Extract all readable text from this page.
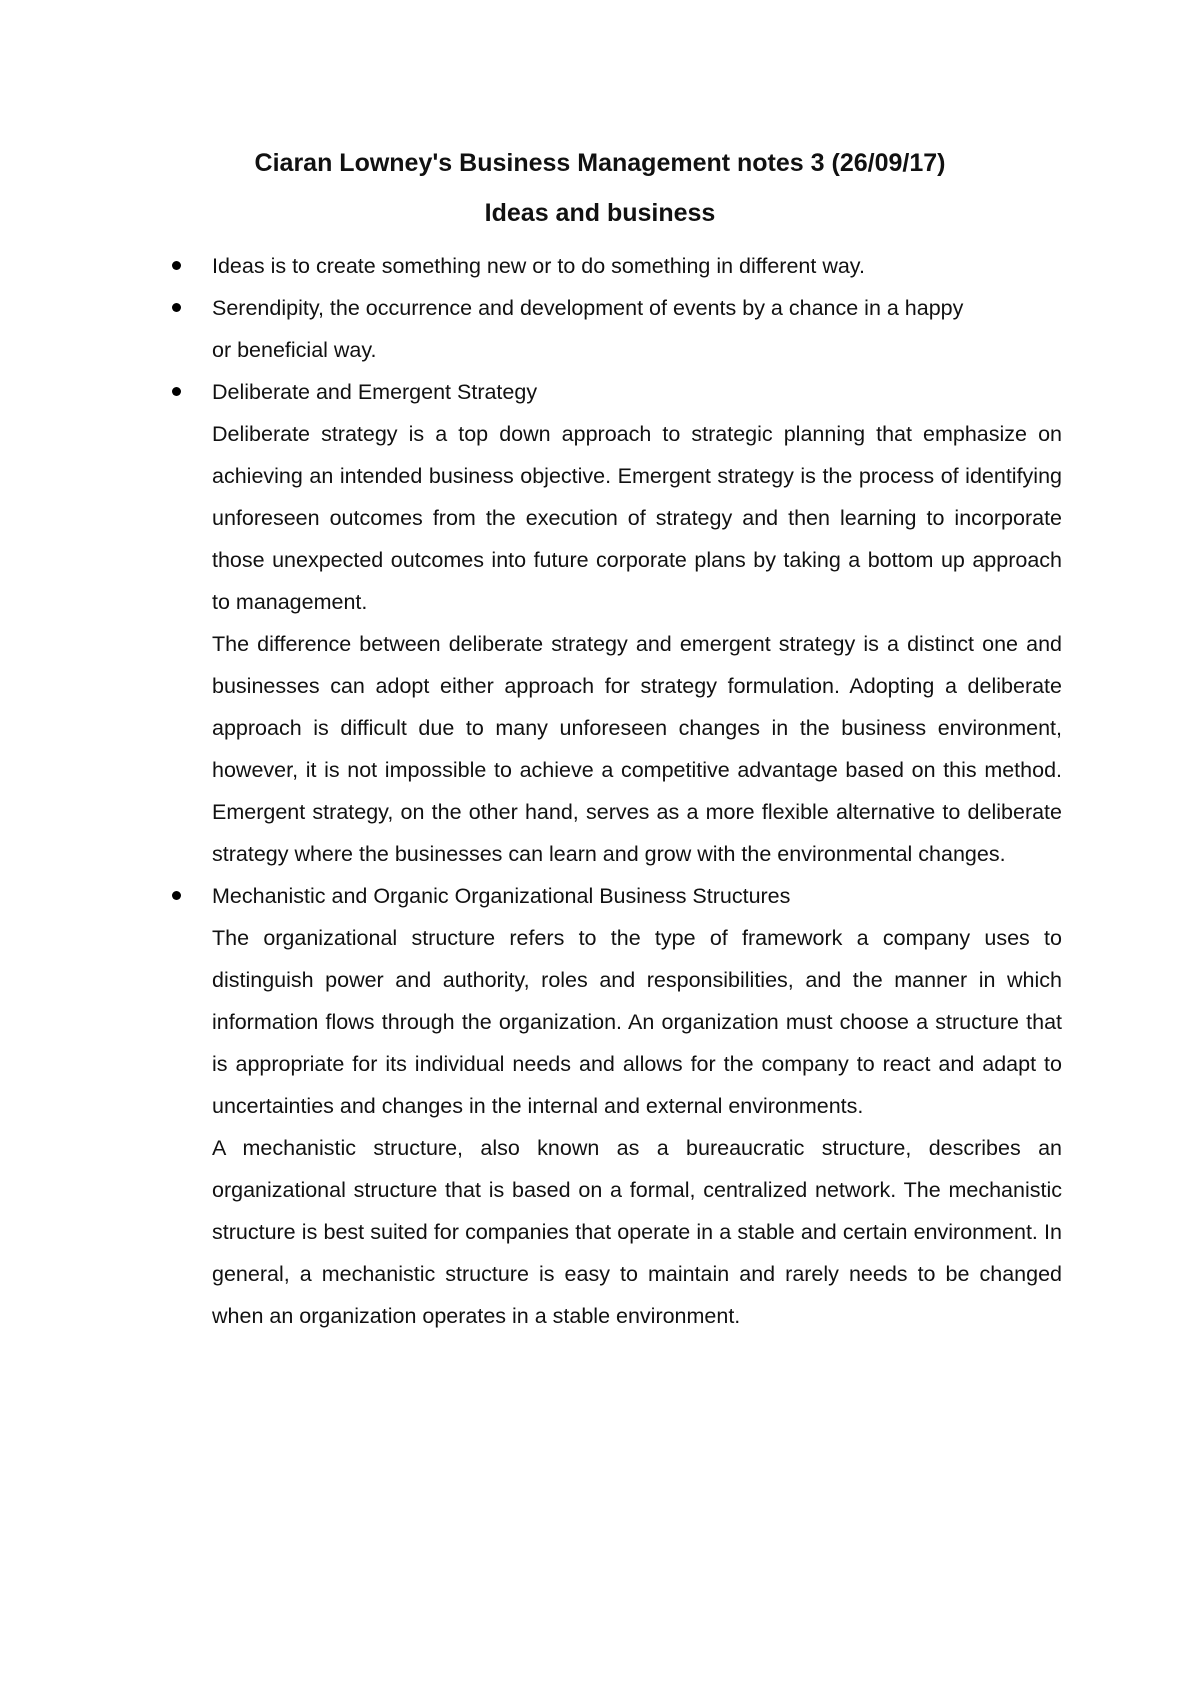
Ciaran Lowney's Business Management notes 3 (26/09/17)
Ideas and business

Ideas is to create something new or to do something in different way.

Serendipity, the occurrence and development of events by a chance in a happy or beneficial way.

Deliberate and Emergent Strategy

Deliberate strategy is a top down approach to strategic planning that emphasize on achieving an intended business objective. Emergent strategy is the process of identifying unforeseen outcomes from the execution of strategy and then learning to incorporate those unexpected outcomes into future corporate plans by taking a bottom up approach to management.

The difference between deliberate strategy and emergent strategy is a distinct one and businesses can adopt either approach for strategy formulation. Adopting a deliberate approach is difficult due to many unforeseen changes in the business environment, however, it is not impossible to achieve a competitive advantage based on this method. Emergent strategy, on the other hand, serves as a more flexible alternative to deliberate strategy where the businesses can learn and grow with the environmental changes.

Mechanistic and Organic Organizational Business Structures

The organizational structure refers to the type of framework a company uses to distinguish power and authority, roles and responsibilities, and the manner in which information flows through the organization. An organization must choose a structure that is appropriate for its individual needs and allows for the company to react and adapt to uncertainties and changes in the internal and external environments.

A mechanistic structure, also known as a bureaucratic structure, describes an organizational structure that is based on a formal, centralized network. The mechanistic structure is best suited for companies that operate in a stable and certain environment. In general, a mechanistic structure is easy to maintain and rarely needs to be changed when an organization operates in a stable environment.
